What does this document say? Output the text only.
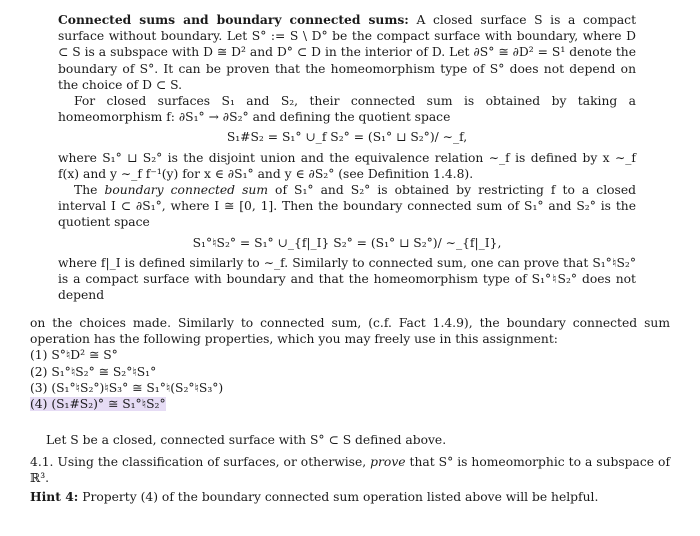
Connected sums and boundary connected sums: A closed surface S is a compact surface without boundary. Let S° := S \ D° be the compact surface with boundary, where D ⊂ S is a subspace with D ≅ D² and D° ⊂ D in the interior of D. Let ∂S° ≅ ∂D² = S¹ denote the boundary of S°. It can be proven that the homeomorphism type of S° does not depend on the choice of D ⊂ S.

For closed surfaces S₁ and S₂, their connected sum is obtained by taking a homeomorphism f: ∂S₁° → ∂S₂° and defining the quotient space

S₁#S₂ = S₁° ∪_f S₂° = (S₁° ⊔ S₂°)/ ∼_f,

where S₁° ⊔ S₂° is the disjoint union and the equivalence relation ∼_f is defined by x ∼_f f(x) and y ∼_f f⁻¹(y) for x ∈ ∂S₁° and y ∈ ∂S₂° (see Definition 1.4.8).

The boundary connected sum of S₁° and S₂° is obtained by restricting f to a closed interval I ⊂ ∂S₁°, where I ≅ [0, 1]. Then the boundary connected sum of S₁° and S₂° is the quotient space

S₁°♮S₂° = S₁° ∪_{f|_I} S₂° = (S₁° ⊔ S₂°)/ ∼_{f|_I},

where f|_I is defined similarly to ∼_f. Similarly to connected sum, one can prove that S₁°♮S₂° is a compact surface with boundary and that the homeomorphism type of S₁°♮S₂° does not depend

on the choices made. Similarly to connected sum, (c.f. Fact 1.4.9), the boundary connected sum operation has the following properties, which you may freely use in this assignment:

(1) S°♮D² ≅ S°
(2) S₁°♮S₂° ≅ S₂°♮S₁°
(3) (S₁°♮S₂°)♮S₃° ≅ S₁°♮(S₂°♮S₃°)
(4) (S₁#S₂)° ≅ S₁°♮S₂°

Let S be a closed, connected surface with S° ⊂ S defined above.

4.1. Using the classification of surfaces, or otherwise, prove that S° is homeomorphic to a subspace of ℝ³.

Hint 4: Property (4) of the boundary connected sum operation listed above will be helpful.
